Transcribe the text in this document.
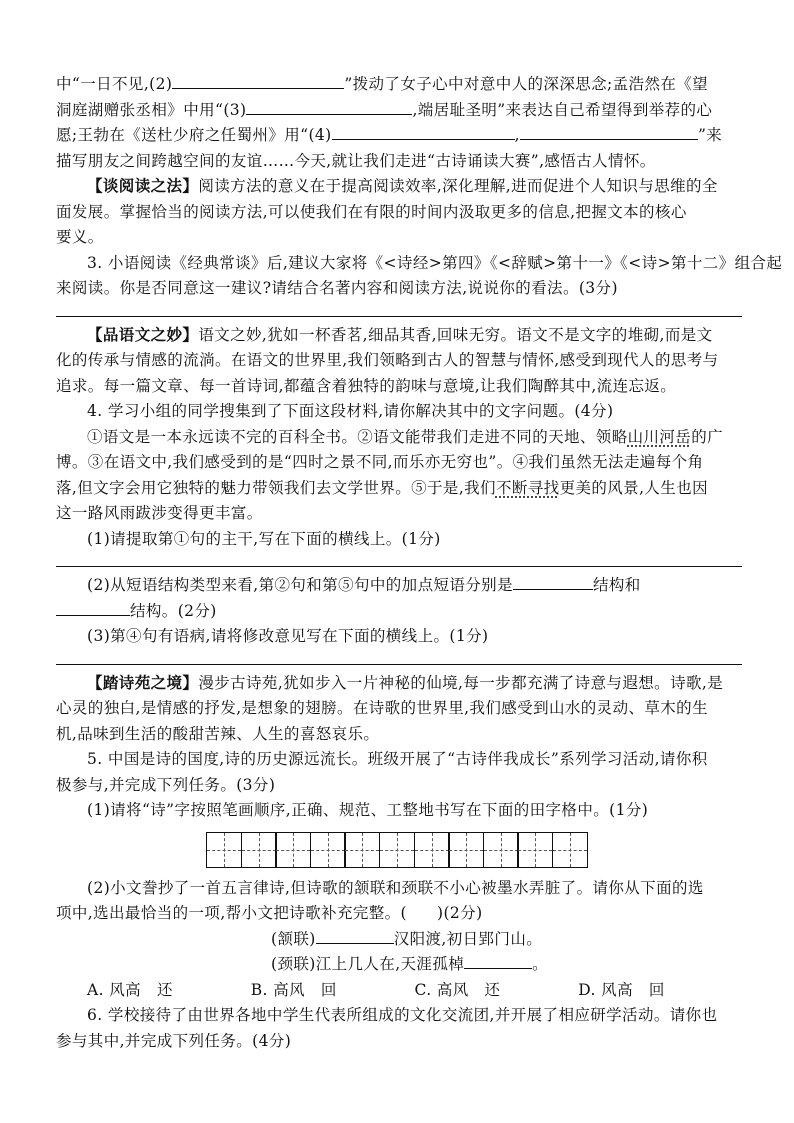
中“一日不见,(2)	”拨动了女子心中对意中人的深深思念;孟浩然在《望
洞庭湖赠张丞相》中用“(3)	,端居耻圣明”来表达自己希望得到举荐的心
愿;王勃在《送杜少府之任蜀州》用“(4)	,	”来
描写朋友之间跨越空间的友谊……今天,就让我们走进“古诗诵读大赛”,感悟古人情怀。
【谈阅读之法】阅读方法的意义在于提高阅读效率,深化理解,进而促进个人知识与思维的全
面发展。掌握恰当的阅读方法,可以使我们在有限的时间内汲取更多的信息,把握文本的核心
要义。
3. 小语阅读《经典常谈》后,建议大家将《<诗经>第四》《<辞赋>第十一》《<诗>第十二》组合起
来阅读。你是否同意这一建议?请结合名著内容和阅读方法,说说你的看法。(3分)
【品语文之妙】语文之妙,犹如一杯香茗,细品其香,回味无穷。语文不是文字的堆砌,而是文
化的传承与情感的流淌。在语文的世界里,我们领略到古人的智慧与情怀,感受到现代人的思考与
追求。每一篇文章、每一首诗词,都蕴含着独特的韵味与意境,让我们陶醉其中,流连忘返。
4. 学习小组的同学搜集到了下面这段材料,请你解决其中的文字问题。(4分)
①语文是一本永远读不完的百科全书。②语文能带我们走进不同的天地、领略山川河岳的广
博。③在语文中,我们感受到的是“四时之景不同,而乐亦无穷也”。④我们虽然无法走遍每个角
落,但文字会用它独特的魅力带领我们去文学世界。⑤于是,我们不断寻找更美的风景,人生也因
这一路风雨跋涉变得更丰富。
(1)请提取第①句的主干,写在下面的横线上。(1分)
(2)从短语结构类型来看,第②句和第⑤句中的加点短语分别是	结构和
结构。(2分)
(3)第④句有语病,请将修改意见写在下面的横线上。(1分)
【踏诗苑之境】漫步古诗苑,犹如步入一片神秘的仙境,每一步都充满了诗意与遐想。诗歌,是
心灵的独白,是情感的抒发,是想象的翅膀。在诗歌的世界里,我们感受到山水的灵动、草木的生
机,品味到生活的酸甜苦辣、人生的喜怒哀乐。
5. 中国是诗的国度,诗的历史源远流长。班级开展了“古诗伴我成长”系列学习活动,请你积
极参与,并完成下列任务。(3分)
(1)请将“诗”字按照笔画顺序,正确、规范、工整地书写在下面的田字格中。(1分)
(2)小文誊抄了一首五言律诗,但诗歌的颔联和颈联不小心被墨水弄脏了。请你从下面的选
项中,选出最恰当的一项,帮小文把诗歌补充完整。( )(2分)
(颔联)	汉阳渡,初日郢门山。
(颈联)江上几人在,天涯孤棹	。
A. 风高　还	B. 高风　回	C. 高风　还	D. 风高　回
6. 学校接待了由世界各地中学生代表所组成的文化交流团,并开展了相应研学活动。请你也
参与其中,并完成下列任务。(4分)
